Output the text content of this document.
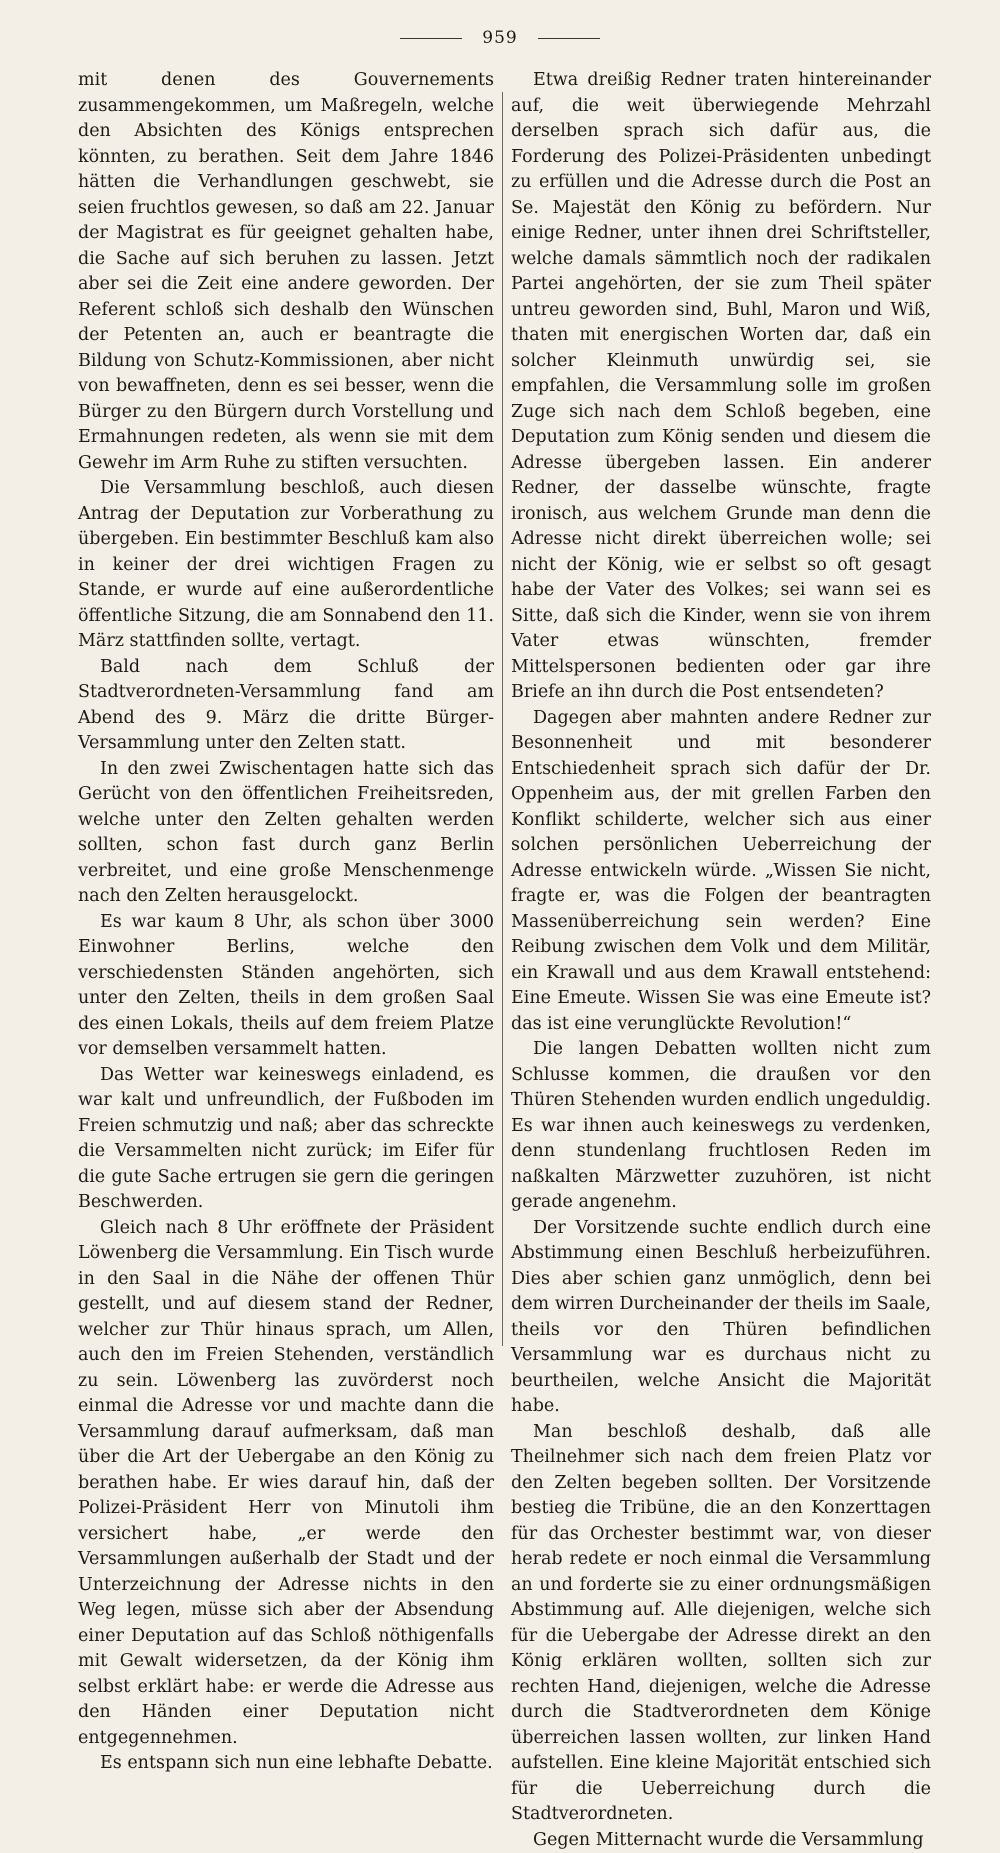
959

mit denen des Gouvernements zusammengekommen, um Maßregeln, welche den Absichten des Königs entsprechen könnten, zu berathen. Seit dem Jahre 1846 hätten die Verhandlungen geschwebt, sie seien fruchtlos gewesen, so daß am 22. Januar der Magistrat es für geeignet gehalten habe, die Sache auf sich beruhen zu lassen. Jetzt aber sei die Zeit eine andere geworden. Der Referent schloß sich deshalb den Wünschen der Petenten an, auch er beantragte die Bildung von Schutz-Kommissionen, aber nicht von bewaffneten, denn es sei besser, wenn die Bürger zu den Bürgern durch Vorstellung und Ermahnungen redeten, als wenn sie mit dem Gewehr im Arm Ruhe zu stiften versuchten.

Die Versammlung beschloß, auch diesen Antrag der Deputation zur Vorberathung zu übergeben. Ein bestimmter Beschluß kam also in keiner der drei wichtigen Fragen zu Stande, er wurde auf eine außerordentliche öffentliche Sitzung, die am Sonnabend den 11. März stattfinden sollte, vertagt.

Bald nach dem Schluß der Stadtverordneten-Versammlung fand am Abend des 9. März die dritte Bürger-Versammlung unter den Zelten statt.

In den zwei Zwischentagen hatte sich das Gerücht von den öffentlichen Freiheitsreden, welche unter den Zelten gehalten werden sollten, schon fast durch ganz Berlin verbreitet, und eine große Menschenmenge nach den Zelten herausgelockt.

Es war kaum 8 Uhr, als schon über 3000 Einwohner Berlins, welche den verschiedensten Ständen angehörten, sich unter den Zelten, theils in dem großen Saal des einen Lokals, theils auf dem freiem Platze vor demselben versammelt hatten.

Das Wetter war keineswegs einladend, es war kalt und unfreundlich, der Fußboden im Freien schmutzig und naß; aber das schreckte die Versammelten nicht zurück; im Eifer für die gute Sache ertrugen sie gern die geringen Beschwerden.

Gleich nach 8 Uhr eröffnete der Präsident Löwenberg die Versammlung. Ein Tisch wurde in den Saal in die Nähe der offenen Thür gestellt, und auf diesem stand der Redner, welcher zur Thür hinaus sprach, um Allen, auch den im Freien Stehenden, verständlich zu sein. Löwenberg las zuvörderst noch einmal die Adresse vor und machte dann die Versammlung darauf aufmerksam, daß man über die Art der Uebergabe an den König zu berathen habe. Er wies darauf hin, daß der Polizei-Präsident Herr von Minutoli ihm versichert habe, „er werde den Versammlungen außerhalb der Stadt und der Unterzeichnung der Adresse nichts in den Weg legen, müsse sich aber der Absendung einer Deputation auf das Schloß nöthigenfalls mit Gewalt widersetzen, da der König ihm selbst erklärt habe: er werde die Adresse aus den Händen einer Deputation nicht entgegennehmen.

Es entspann sich nun eine lebhafte Debatte.

Etwa dreißig Redner traten hintereinander auf, die weit überwiegende Mehrzahl derselben sprach sich dafür aus, die Forderung des Polizei-Präsidenten unbedingt zu erfüllen und die Adresse durch die Post an Se. Majestät den König zu befördern. Nur einige Redner, unter ihnen drei Schriftsteller, welche damals sämmtlich noch der radikalen Partei angehörten, der sie zum Theil später untreu geworden sind, Buhl, Maron und Wiß, thaten mit energischen Worten dar, daß ein solcher Kleinmuth unwürdig sei, sie empfahlen, die Versammlung solle im großen Zuge sich nach dem Schloß begeben, eine Deputation zum König senden und diesem die Adresse übergeben lassen. Ein anderer Redner, der dasselbe wünschte, fragte ironisch, aus welchem Grunde man denn die Adresse nicht direkt überreichen wolle; sei nicht der König, wie er selbst so oft gesagt habe der Vater des Volkes; sei wann sei es Sitte, daß sich die Kinder, wenn sie von ihrem Vater etwas wünschten, fremder Mittelspersonen bedienten oder gar ihre Briefe an ihn durch die Post entsendeten?

Dagegen aber mahnten andere Redner zur Besonnenheit und mit besonderer Entschiedenheit sprach sich dafür der Dr. Oppenheim aus, der mit grellen Farben den Konflikt schilderte, welcher sich aus einer solchen persönlichen Ueberreichung der Adresse entwickeln würde. „Wissen Sie nicht, fragte er, was die Folgen der beantragten Massenüberreichung sein werden? Eine Reibung zwischen dem Volk und dem Militär, ein Krawall und aus dem Krawall entstehend: Eine Emeute. Wissen Sie was eine Emeute ist? das ist eine verunglückte Revolution!“

Die langen Debatten wollten nicht zum Schlusse kommen, die draußen vor den Thüren Stehenden wurden endlich ungeduldig. Es war ihnen auch keineswegs zu verdenken, denn stundenlang fruchtlosen Reden im naßkalten Märzwetter zuzuhören, ist nicht gerade angenehm.

Der Vorsitzende suchte endlich durch eine Abstimmung einen Beschluß herbeizuführen. Dies aber schien ganz unmöglich, denn bei dem wirren Durcheinander der theils im Saale, theils vor den Thüren befindlichen Versammlung war es durchaus nicht zu beurtheilen, welche Ansicht die Majorität habe.

Man beschloß deshalb, daß alle Theilnehmer sich nach dem freien Platz vor den Zelten begeben sollten. Der Vorsitzende bestieg die Tribüne, die an den Konzerttagen für das Orchester bestimmt war, von dieser herab redete er noch einmal die Versammlung an und forderte sie zu einer ordnungsmäßigen Abstimmung auf. Alle diejenigen, welche sich für die Uebergabe der Adresse direkt an den König erklären wollten, sollten sich zur rechten Hand, diejenigen, welche die Adresse durch die Stadtverordneten dem Könige überreichen lassen wollten, zur linken Hand aufstellen. Eine kleine Majorität entschied sich für die Ueberreichung durch die Stadtverordneten.

Gegen Mitternacht wurde die Versammlung
